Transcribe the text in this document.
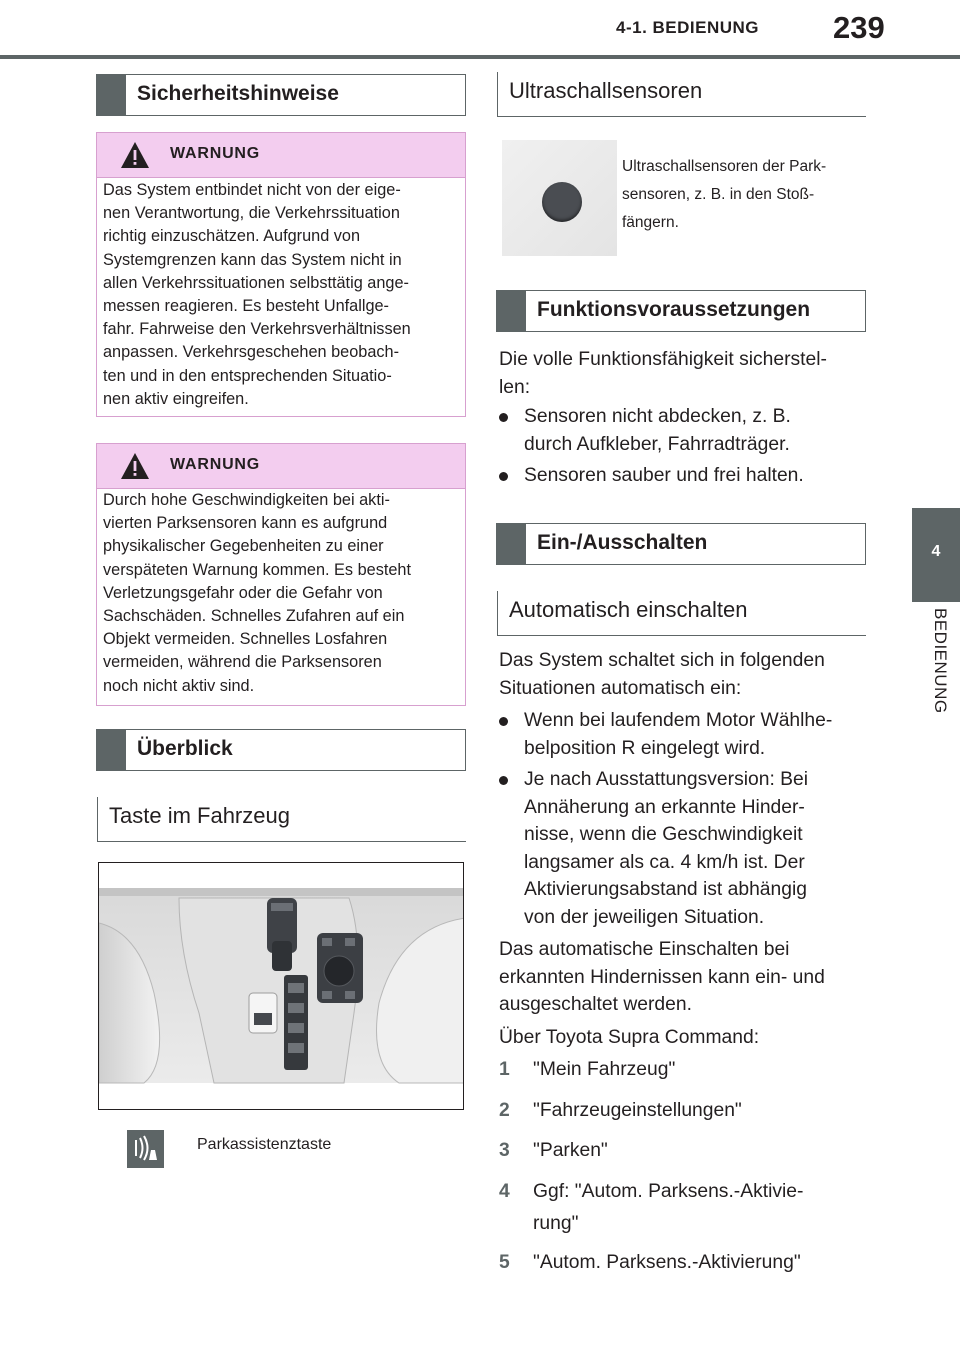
4-1. BEDIENUNG 239
4
BEDIENUNG
Sicherheitshinweise
WARNUNG
Das System entbindet nicht von der eige-
nen Verantwortung, die Verkehrssituation
richtig einzuschätzen. Aufgrund von
Systemgrenzen kann das System nicht in
allen Verkehrssituationen selbsttätig ange-
messen reagieren. Es besteht Unfallge-
fahr. Fahrweise den Verkehrsverhältnissen
anpassen. Verkehrsgeschehen beobach-
ten und in den entsprechenden Situatio-
nen aktiv eingreifen.
WARNUNG
Durch hohe Geschwindigkeiten bei akti-
vierten Parksensoren kann es aufgrund
physikalischer Gegebenheiten zu einer
verspäteten Warnung kommen. Es besteht
Verletzungsgefahr oder die Gefahr von
Sachschäden. Schnelles Zufahren auf ein
Objekt vermeiden. Schnelles Losfahren
vermeiden, während die Parksensoren
noch nicht aktiv sind.
Überblick
Taste im Fahrzeug
Parkassistenztaste
Ultraschallsensoren
Ultraschallsensoren der Park-
sensoren, z. B. in den Stoß-
fängern.
Funktionsvoraussetzungen
Die volle Funktionsfähigkeit sicherstel-
len:
Sensoren nicht abdecken, z. B.
durch Aufkleber, Fahrradträger.
Sensoren sauber und frei halten.
Ein-/Ausschalten
Automatisch einschalten
Das System schaltet sich in folgenden
Situationen automatisch ein:
Wenn bei laufendem Motor Wählhe-
belposition R eingelegt wird.
Je nach Ausstattungsversion: Bei
Annäherung an erkannte Hinder-
nisse, wenn die Geschwindigkeit
langsamer als ca. 4 km/h ist. Der
Aktivierungsabstand ist abhängig
von der jeweiligen Situation.
Das automatische Einschalten bei
erkannten Hindernissen kann ein- und
ausgeschaltet werden.
Über Toyota Supra Command:
1 "Mein Fahrzeug"
2 "Fahrzeugeinstellungen"
3 "Parken"
4 Ggf: "Autom. Parksens.-Aktivie-
rung"
5 "Autom. Parksens.-Aktivierung"
